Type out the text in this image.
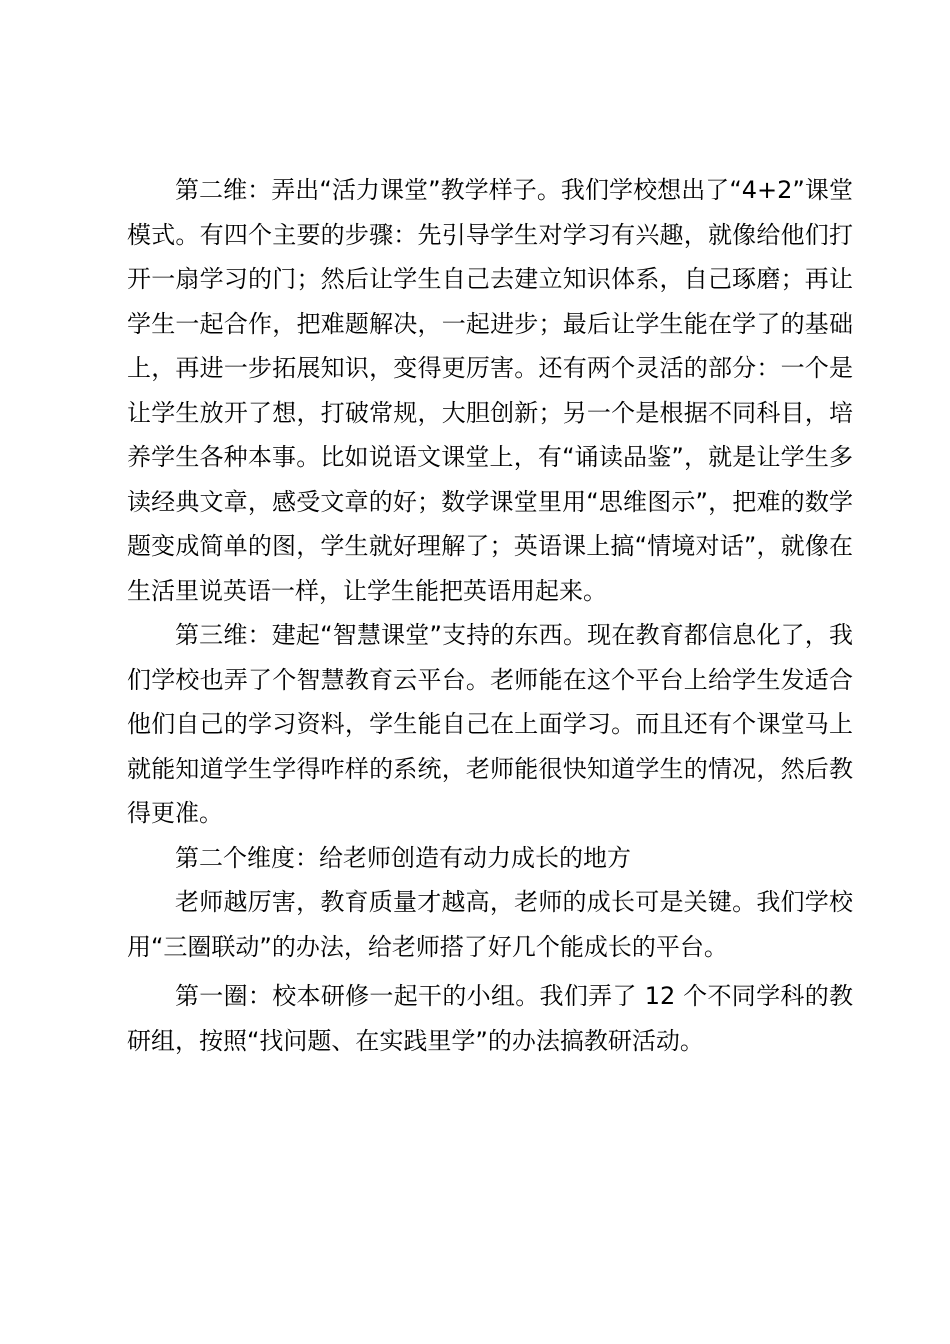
第二维：弄出“活力课堂”教学样子。我们学校想出了“4+2”课堂模式。有四个主要的步骤：先引导学生对学习有兴趣，就像给他们打开一扇学习的门；然后让学生自己去建立知识体系，自己琢磨；再让学生一起合作，把难题解决，一起进步；最后让学生能在学了的基础上，再进一步拓展知识，变得更厉害。还有两个灵活的部分：一个是让学生放开了想，打破常规，大胆创新；另一个是根据不同科目，培养学生各种本事。比如说语文课堂上，有“诵读品鉴”，就是让学生多读经典文章，感受文章的好；数学课堂里用“思维图示”，把难的数学题变成简单的图，学生就好理解了；英语课上搞“情境对话”，就像在生活里说英语一样，让学生能把英语用起来。

第三维：建起“智慧课堂”支持的东西。现在教育都信息化了，我们学校也弄了个智慧教育云平台。老师能在这个平台上给学生发适合他们自己的学习资料，学生能自己在上面学习。而且还有个课堂马上就能知道学生学得咋样的系统，老师能很快知道学生的情况，然后教得更准。

第二个维度：给老师创造有动力成长的地方

老师越厉害，教育质量才越高，老师的成长可是关键。我们学校用“三圈联动”的办法，给老师搭了好几个能成长的平台。

第一圈：校本研修一起干的小组。我们弄了 12 个不同学科的教研组，按照“找问题、在实践里学”的办法搞教研活动。
